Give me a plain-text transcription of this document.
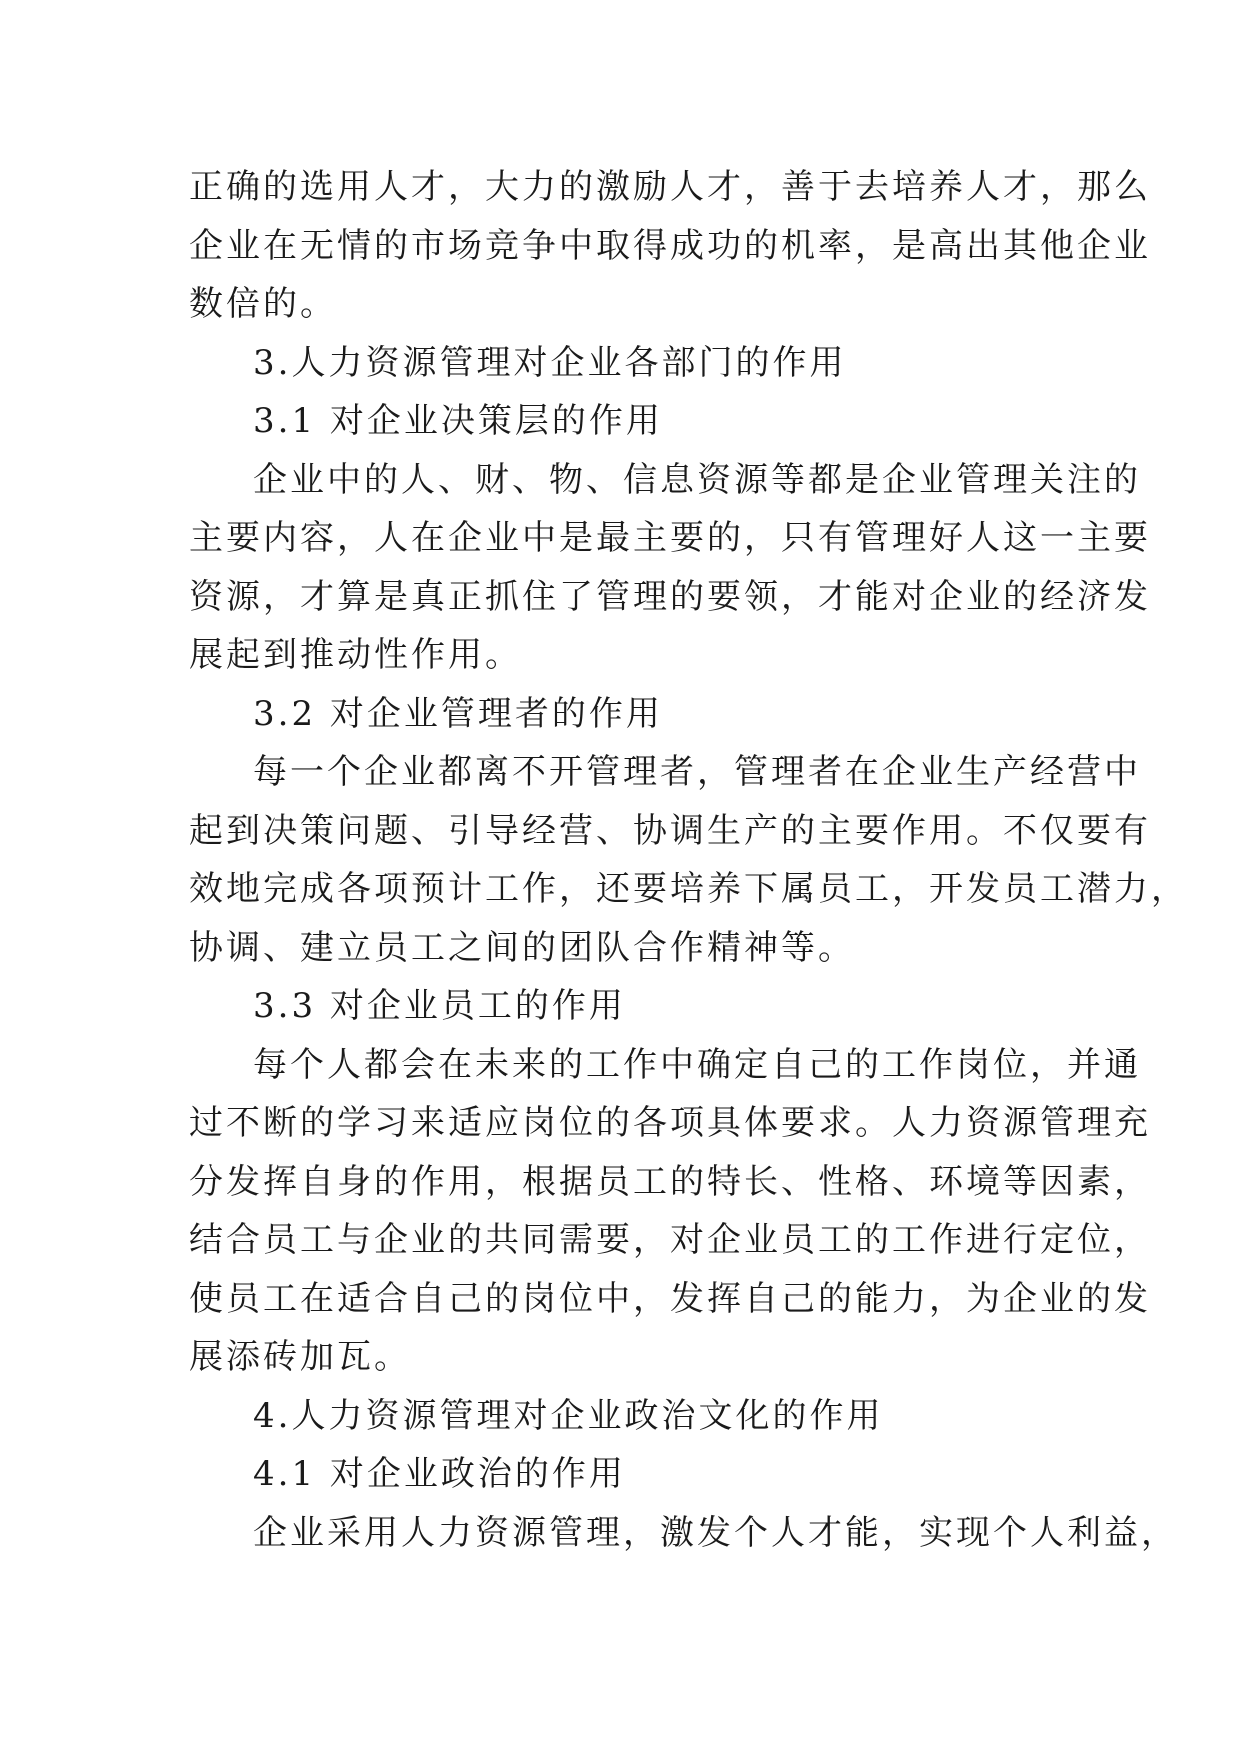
正确的选用人才，大力的激励人才，善于去培养人才，那么
企业在无情的市场竞争中取得成功的机率，是高出其他企业
数倍的。
3.人力资源管理对企业各部门的作用
3.1 对企业决策层的作用
企业中的人、财、物、信息资源等都是企业管理关注的
主要内容，人在企业中是最主要的，只有管理好人这一主要
资源，才算是真正抓住了管理的要领，才能对企业的经济发
展起到推动性作用。
3.2 对企业管理者的作用
每一个企业都离不开管理者，管理者在企业生产经营中
起到决策问题、引导经营、协调生产的主要作用。不仅要有
效地完成各项预计工作，还要培养下属员工，开发员工潜力，
协调、建立员工之间的团队合作精神等。
3.3 对企业员工的作用
每个人都会在未来的工作中确定自己的工作岗位，并通
过不断的学习来适应岗位的各项具体要求。人力资源管理充
分发挥自身的作用，根据员工的特长、性格、环境等因素，
结合员工与企业的共同需要，对企业员工的工作进行定位，
使员工在适合自己的岗位中，发挥自己的能力，为企业的发
展添砖加瓦。
4.人力资源管理对企业政治文化的作用
4.1 对企业政治的作用
企业采用人力资源管理，激发个人才能，实现个人利益，
